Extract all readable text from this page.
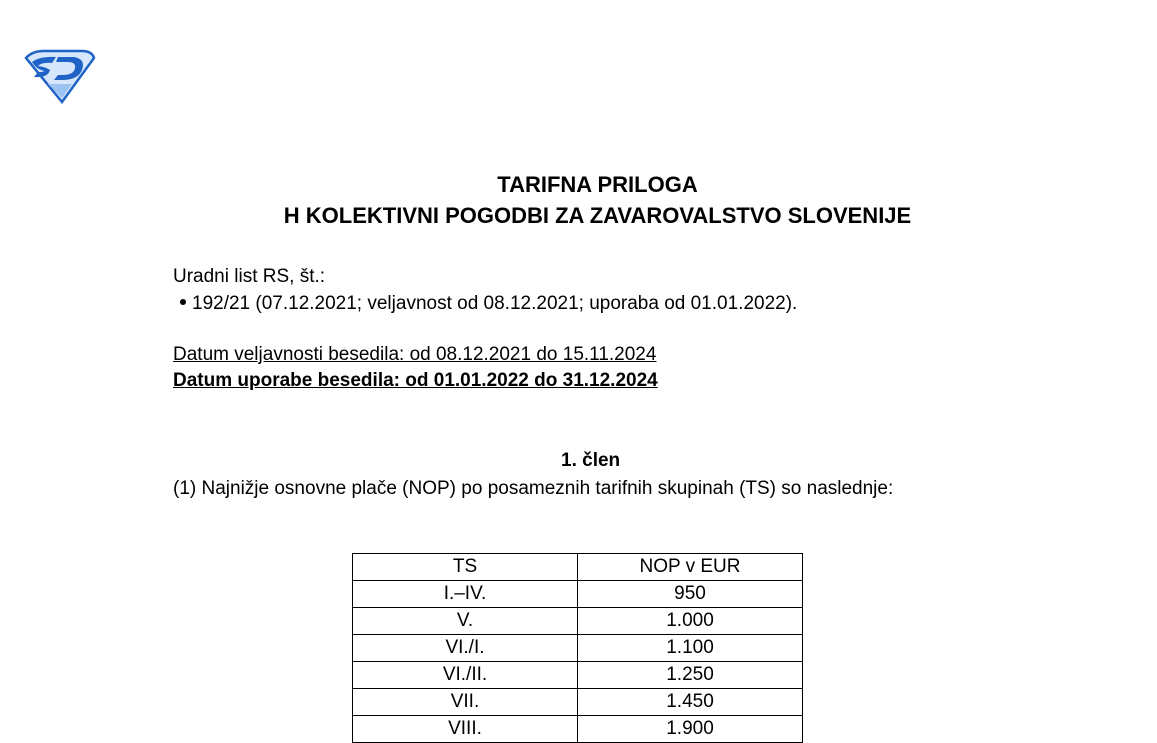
TARIFNA PRILOGA
H KOLEKTIVNI POGODBI ZA ZAVAROVALSTVO SLOVENIJE
Uradni list RS, št.:
192/21 (07.12.2021; veljavnost od 08.12.2021; uporaba od 01.01.2022).
Datum veljavnosti besedila: od 08.12.2021 do 15.11.2024
Datum uporabe besedila: od 01.01.2022 do 31.12.2024
1. člen
(1) Najnižje osnovne plače (NOP) po posameznih tarifnih skupinah (TS) so naslednje:
TS	NOP v EUR
I.–IV.	950
V.	1.000
VI./I.	1.100
VI./II.	1.250
VII.	1.450
VIII.	1.900
